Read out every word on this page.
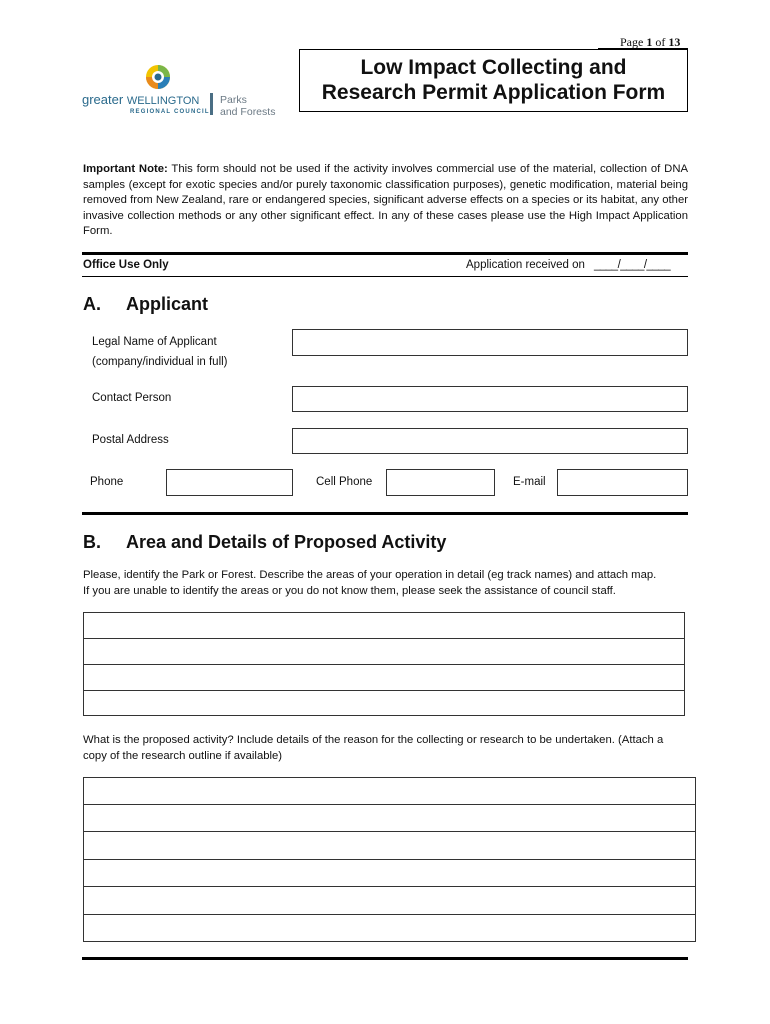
Page 1 of 13
greater WELLINGTON
REGIONAL COUNCIL
Parks
and Forests
Low Impact Collecting and
Research Permit Application Form
Important Note: This form should not be used if the activity involves commercial use of the material, collection of DNA samples (except for exotic species and/or purely taxonomic classification purposes), genetic modification, material being removed from New Zealand, rare or endangered species, significant adverse effects on a species or its habitat, any other invasive collection methods or any other significant effect. In any of these cases please use the High Impact Application Form.
Office Use Only	Application received on ____/____/____
A. Applicant
Legal Name of Applicant
(company/individual in full)
Contact Person
Postal Address
Phone	Cell Phone	E-mail
B. Area and Details of Proposed Activity
Please, identify the Park or Forest. Describe the areas of your operation in detail (eg track names) and attach map.
If you are unable to identify the areas or you do not know them, please seek the assistance of council staff.
What is the proposed activity? Include details of the reason for the collecting or research to be undertaken. (Attach a copy of the research outline if available)
